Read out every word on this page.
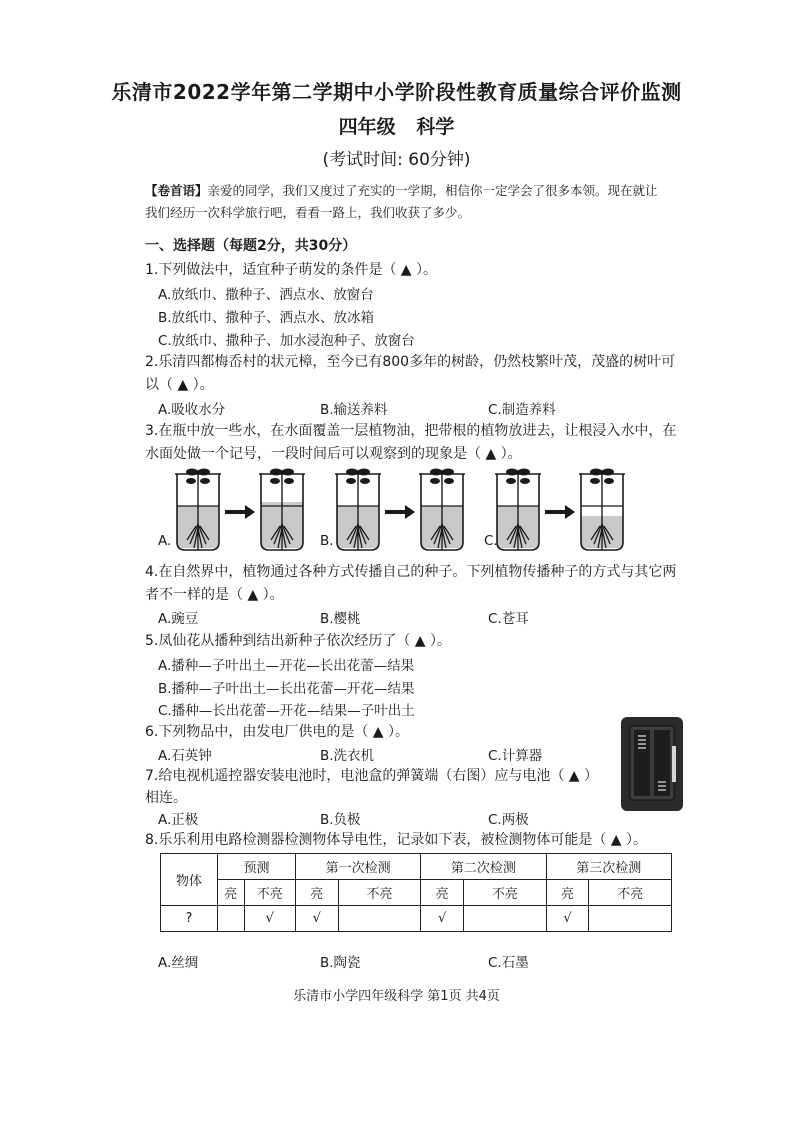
乐清市2022学年第二学期中小学阶段性教育质量综合评价监测
四年级 科学
(考试时间: 60分钟)
【卷首语】亲爱的同学，我们又度过了充实的一学期，相信你一定学会了很多本领。现在就让我们经历一次科学旅行吧，看看一路上，我们收获了多少。
一、选择题（每题2分，共30分）
1.下列做法中，适宜种子萌发的条件是（ ▲ ）。
A.放纸巾、撒种子、洒点水、放窗台
B.放纸巾、撒种子、洒点水、放冰箱
C.放纸巾、撒种子、加水浸泡种子、放窗台
2.乐清四都梅岙村的状元樟，至今已有800多年的树龄，仍然枝繁叶茂，茂盛的树叶可
以（ ▲ ）。
A.吸收水分	B.输送养料	C.制造养料
3.在瓶中放一些水，在水面覆盖一层植物油，把带根的植物放进去，让根浸入水中，在
水面处做一个记号，一段时间后可以观察到的现象是（ ▲ ）。
A.	B.	C.
4.在自然界中，植物通过各种方式传播自己的种子。下列植物传播种子的方式与其它两
者不一样的是（ ▲ ）。
A.豌豆	B.樱桃	C.苍耳
5.凤仙花从播种到结出新种子依次经历了（ ▲ ）。
A.播种—子叶出土—开花—长出花蕾—结果
B.播种—子叶出土—长出花蕾—开花—结果
C.播种—长出花蕾—开花—结果—子叶出土
6.下列物品中，由发电厂供电的是（ ▲ ）。
A.石英钟	B.洗衣机	C.计算器
7.给电视机遥控器安装电池时，电池盒的弹簧端（右图）应与电池（ ▲ ）
相连。
A.正极	B.负极	C.两极
8.乐乐利用电路检测器检测物体导电性，记录如下表，被检测物体可能是（ ▲ ）。
物体	预测		第一次检测		第二次检测		第三次检测	
	亮	不亮	亮	不亮	亮	不亮	亮	不亮
?		√	√		√		√	
A.丝绸	B.陶瓷	C.石墨
乐清市小学四年级科学 第1页 共4页
